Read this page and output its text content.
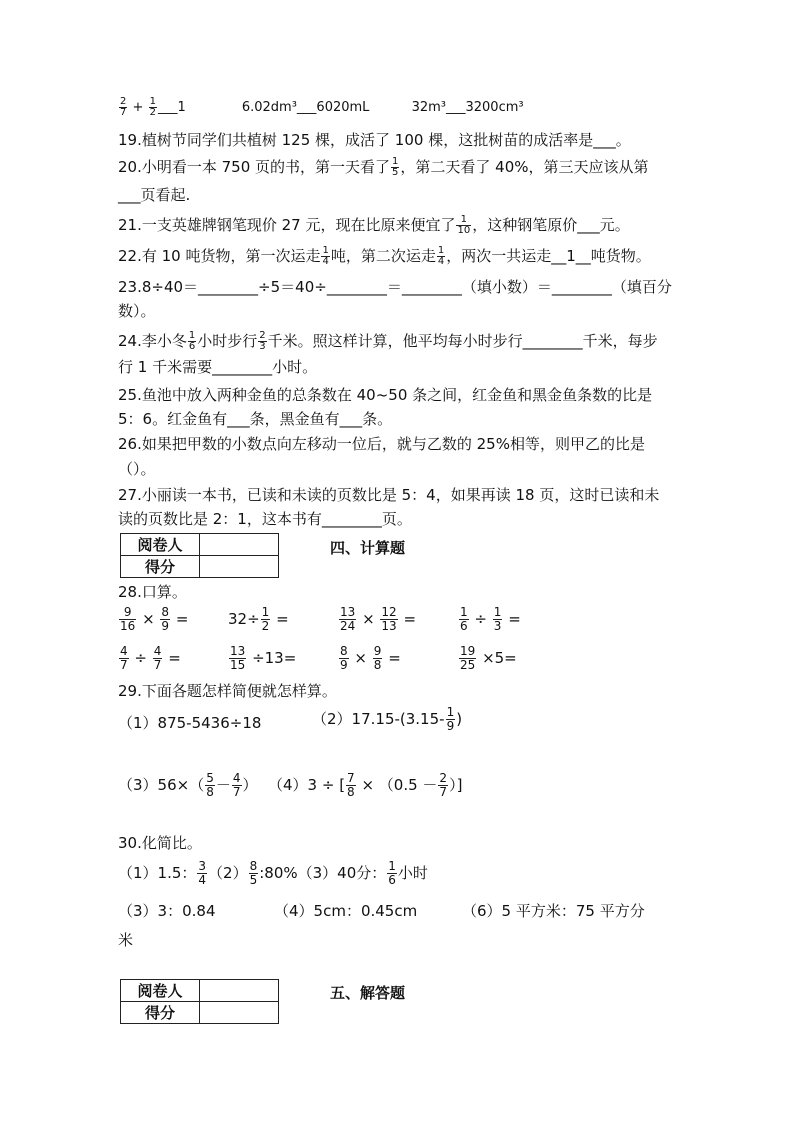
$\frac{2}{7} + \frac{1}{2}$ ___1	6.02dm³___6020mL	32m³___3200cm³
19.植树节同学们共植树 125 棵，成活了 100 棵，这批树苗的成活率是___。
20.小明看一本 750 页的书，第一天看了 $\frac{1}{5}$ ，第二天看了 40%，第三天应该从第
___页看起.
21.一支英雄牌钢笔现价 27 元，现在比原来便宜了 $\frac{1}{10}$ ，这种钢笔原价___元。
22.有 10 吨货物，第一次运走 $\frac{1}{4}$ 吨，第二次运走 $\frac{1}{4}$ ，两次一共运走__1__吨货物。
23.8÷40＝________÷5＝40÷________＝________（填小数）＝________（填百分
数）。
24.李小冬 $\frac{1}{6}$ 小时步行 $\frac{2}{3}$ 千米。照这样计算，他平均每小时步行________千米，每步
行 1 千米需要________小时。
25.鱼池中放入两种金鱼的总条数在 40~50 条之间，红金鱼和黑金鱼条数的比是
5：6。红金鱼有___条，黑金鱼有___条。
26.如果把甲数的小数点向左移动一位后，就与乙数的 25%相等，则甲乙的比是
（）。
27.小丽读一本书，已读和未读的页数比是 5：4，如果再读 18 页，这时已读和未
读的页数比是 2：1，这本书有________页。
阅卷人	
得分	
四、计算题
28.口算。
$\frac{9}{16} \times \frac{8}{9}$ =	$32\div \frac{1}{2}$ =	$\frac{13}{24} \times \frac{12}{13}$ =	$\frac{1}{6} \div \frac{1}{3}$ =
$\frac{4}{7} \div \frac{4}{7}$ =	$\frac{13}{15} \div 13=$	$\frac{8}{9} \times \frac{9}{8}$ =	$\frac{19}{25} \times 5=$
29.下面各题怎样简便就怎样算。
（1）875-5436÷18	$(2)17.15-(3.15- \frac{1}{9}$ )
$(3)56\times( \frac{5}{8} - \frac{4}{7}$ ） （4）3 ÷ [ $\frac{7}{8} \times (0.5 - \frac{2}{7}$ ）]
30.化简比。
（1）1.5： $\frac{3}{4} (2) \frac{8}{5}$ :80%（3）40分： $\frac{1}{6}$ 小时
（3）3：0.84	（4）5cm：0.45cm	（6）5 平方米：75 平方分
米
阅卷人	
得分	
五、解答题
